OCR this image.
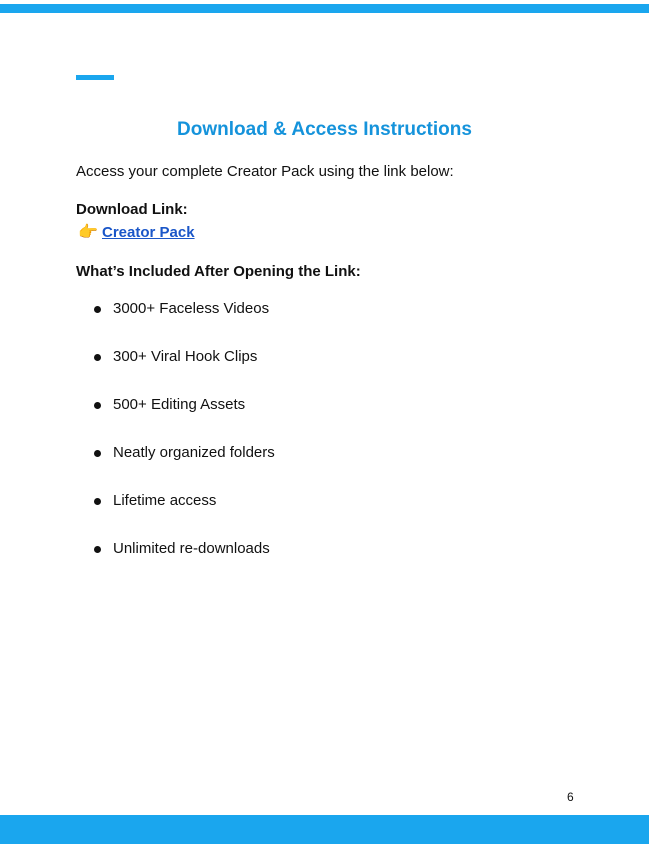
Download & Access Instructions
Access your complete Creator Pack using the link below:
Download Link:
👉 Creator Pack
What’s Included After Opening the Link:
3000+ Faceless Videos
300+ Viral Hook Clips
500+ Editing Assets
Neatly organized folders
Lifetime access
Unlimited re-downloads
6
